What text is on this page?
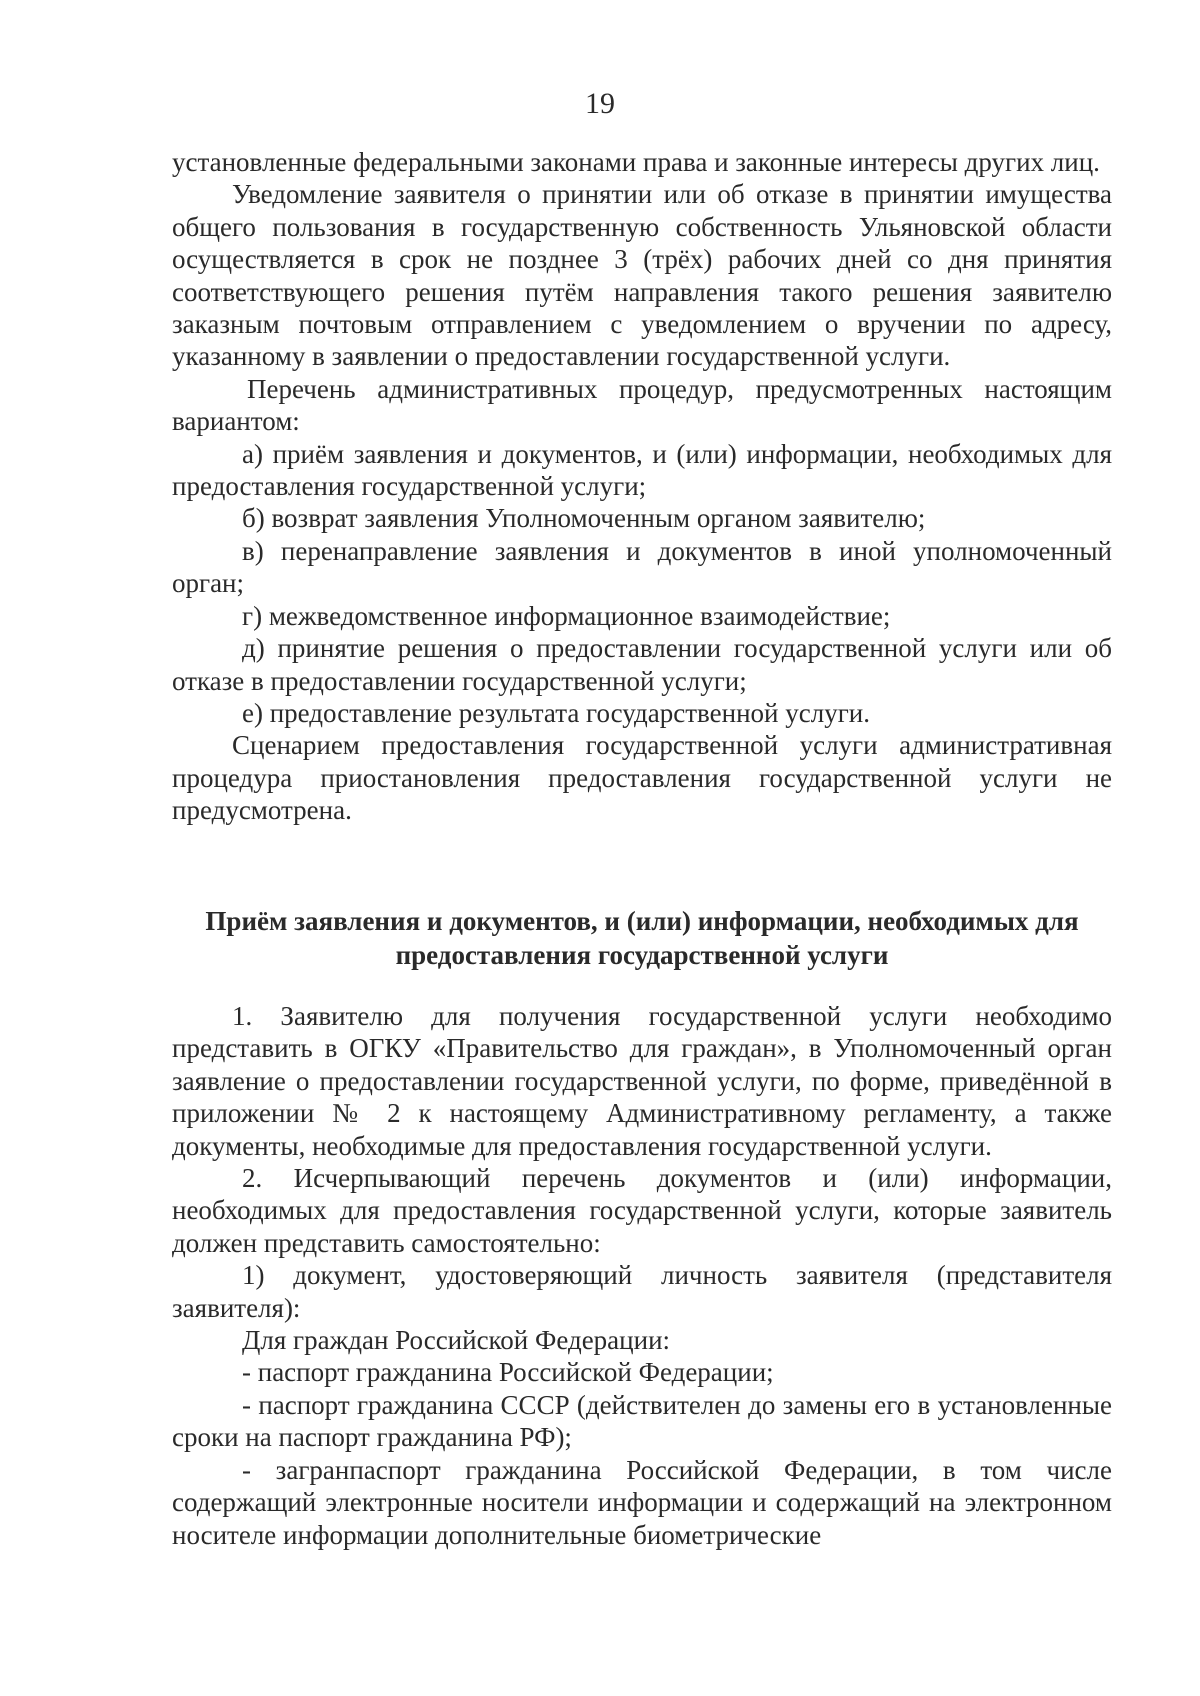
19

установленные федеральными законами права и законные интересы других лиц.

Уведомление заявителя о принятии или об отказе в принятии имущества общего пользования в государственную собственность Ульяновской области осуществляется в срок не позднее 3 (трёх) рабочих дней со дня принятия соответствующего решения путём направления такого решения заявителю заказным почтовым отправлением с уведомлением о вручении по адресу, указанному в заявлении о предоставлении государственной услуги.

Перечень административных процедур, предусмотренных настоящим вариантом:

а) приём заявления и документов, и (или) информации, необходимых для предоставления государственной услуги;

б) возврат заявления Уполномоченным органом заявителю;

в) перенаправление заявления и документов в иной уполномоченный орган;

г) межведомственное информационное взаимодействие;

д) принятие решения о предоставлении государственной услуги или об отказе в предоставлении государственной услуги;

е) предоставление результата государственной услуги.

Сценарием предоставления государственной услуги административная процедура приостановления предоставления государственной услуги не предусмотрена.

Приём заявления и документов, и (или) информации, необходимых для предоставления государственной услуги

1. Заявителю для получения государственной услуги необходимо представить в ОГКУ «Правительство для граждан», в Уполномоченный орган заявление о предоставлении государственной услуги, по форме, приведённой в приложении № 2 к настоящему Административному регламенту, а также документы, необходимые для предоставления государственной услуги.

2. Исчерпывающий перечень документов и (или) информации, необходимых для предоставления государственной услуги, которые заявитель должен представить самостоятельно:

1) документ, удостоверяющий личность заявителя (представителя заявителя):

Для граждан Российской Федерации:

- паспорт гражданина Российской Федерации;

- паспорт гражданина СССР (действителен до замены его в установленные сроки на паспорт гражданина РФ);

- загранпаспорт гражданина Российской Федерации, в том числе содержащий электронные носители информации и содержащий на электронном носителе информации дополнительные биометрические
